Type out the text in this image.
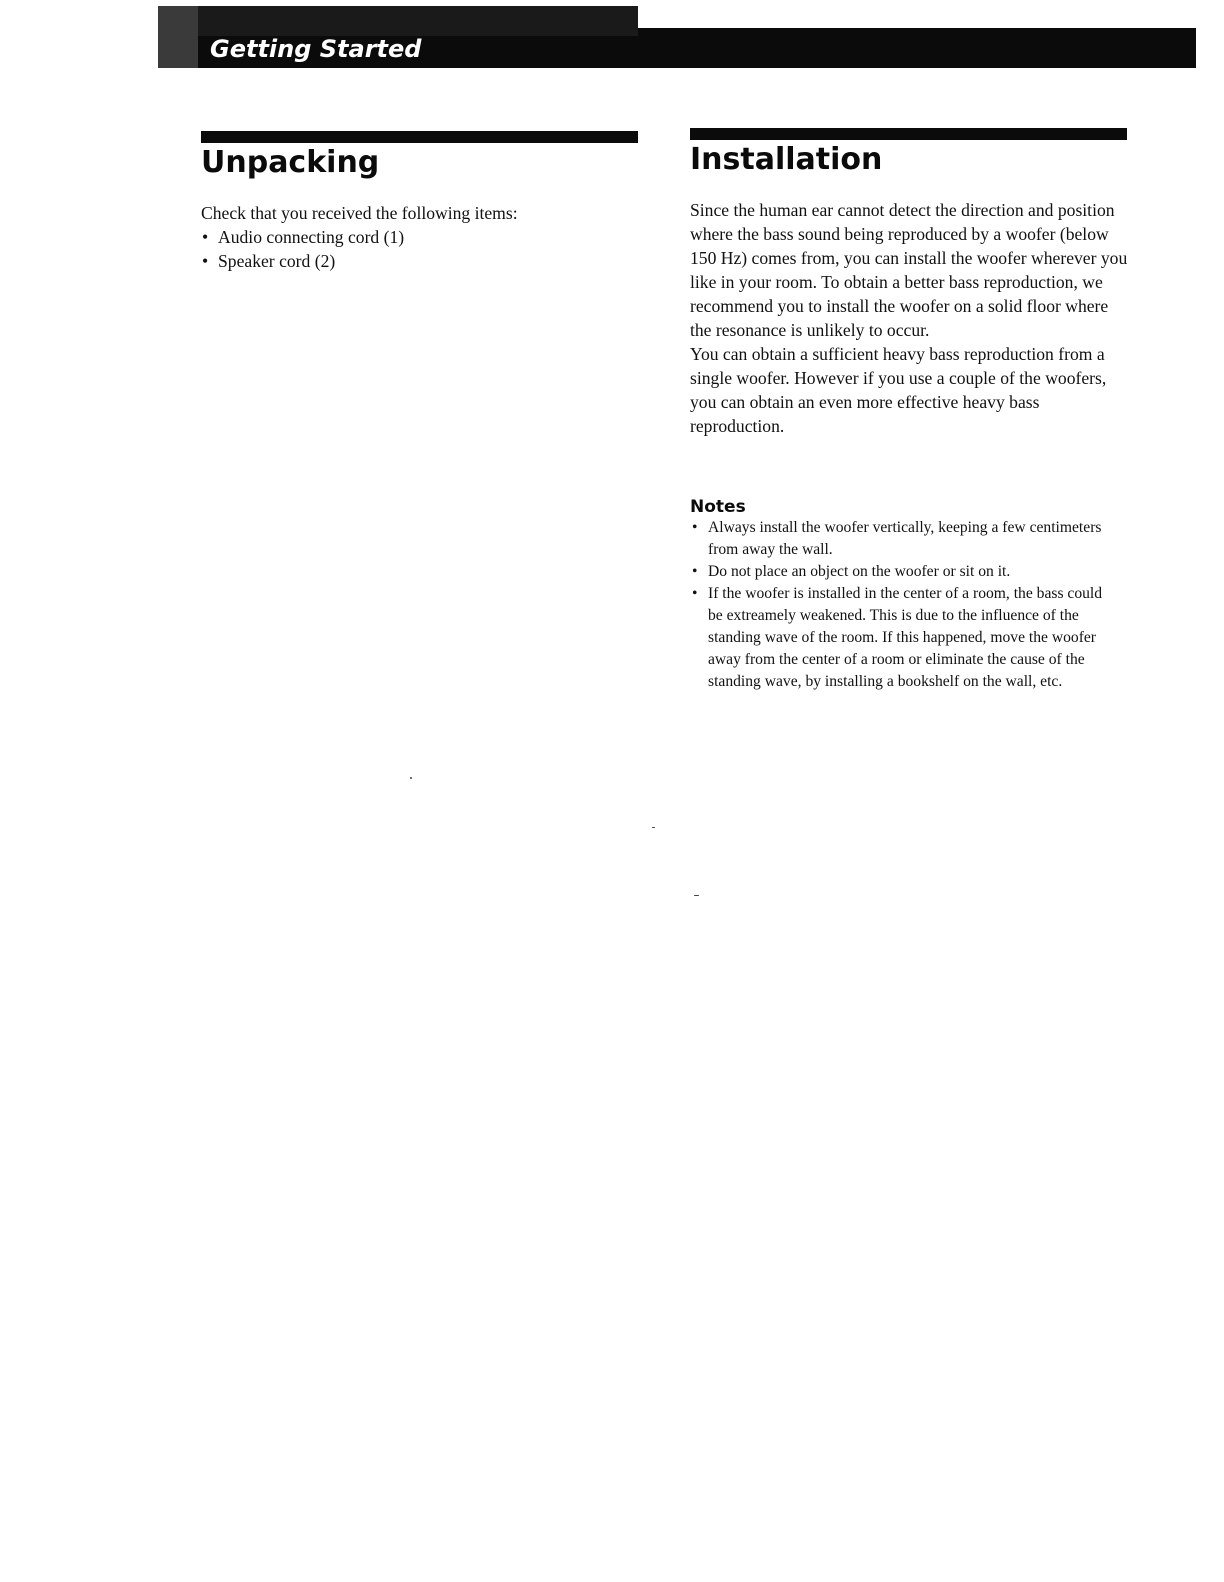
Getting Started
Unpacking

Check that you received the following items:

• Audio connecting cord (1)
• Speaker cord (2)
Installation

Since the human ear cannot detect the direction and position where the bass sound being reproduced by a woofer (below 150 Hz) comes from, you can install the woofer wherever you like in your room. To obtain a better bass reproduction, we recommend you to install the woofer on a solid floor where the resonance is unlikely to occur.

You can obtain a sufficient heavy bass reproduction from a single woofer. However if you use a couple of the woofers, you can obtain an even more effective heavy bass reproduction.

Notes
• Always install the woofer vertically, keeping a few centimeters from away the wall.
• Do not place an object on the woofer or sit on it.
• If the woofer is installed in the center of a room, the bass could be extreamely weakened. This is due to the influence of the standing wave of the room. If this happened, move the woofer away from the center of a room or eliminate the cause of the standing wave, by installing a bookshelf on the wall, etc.
